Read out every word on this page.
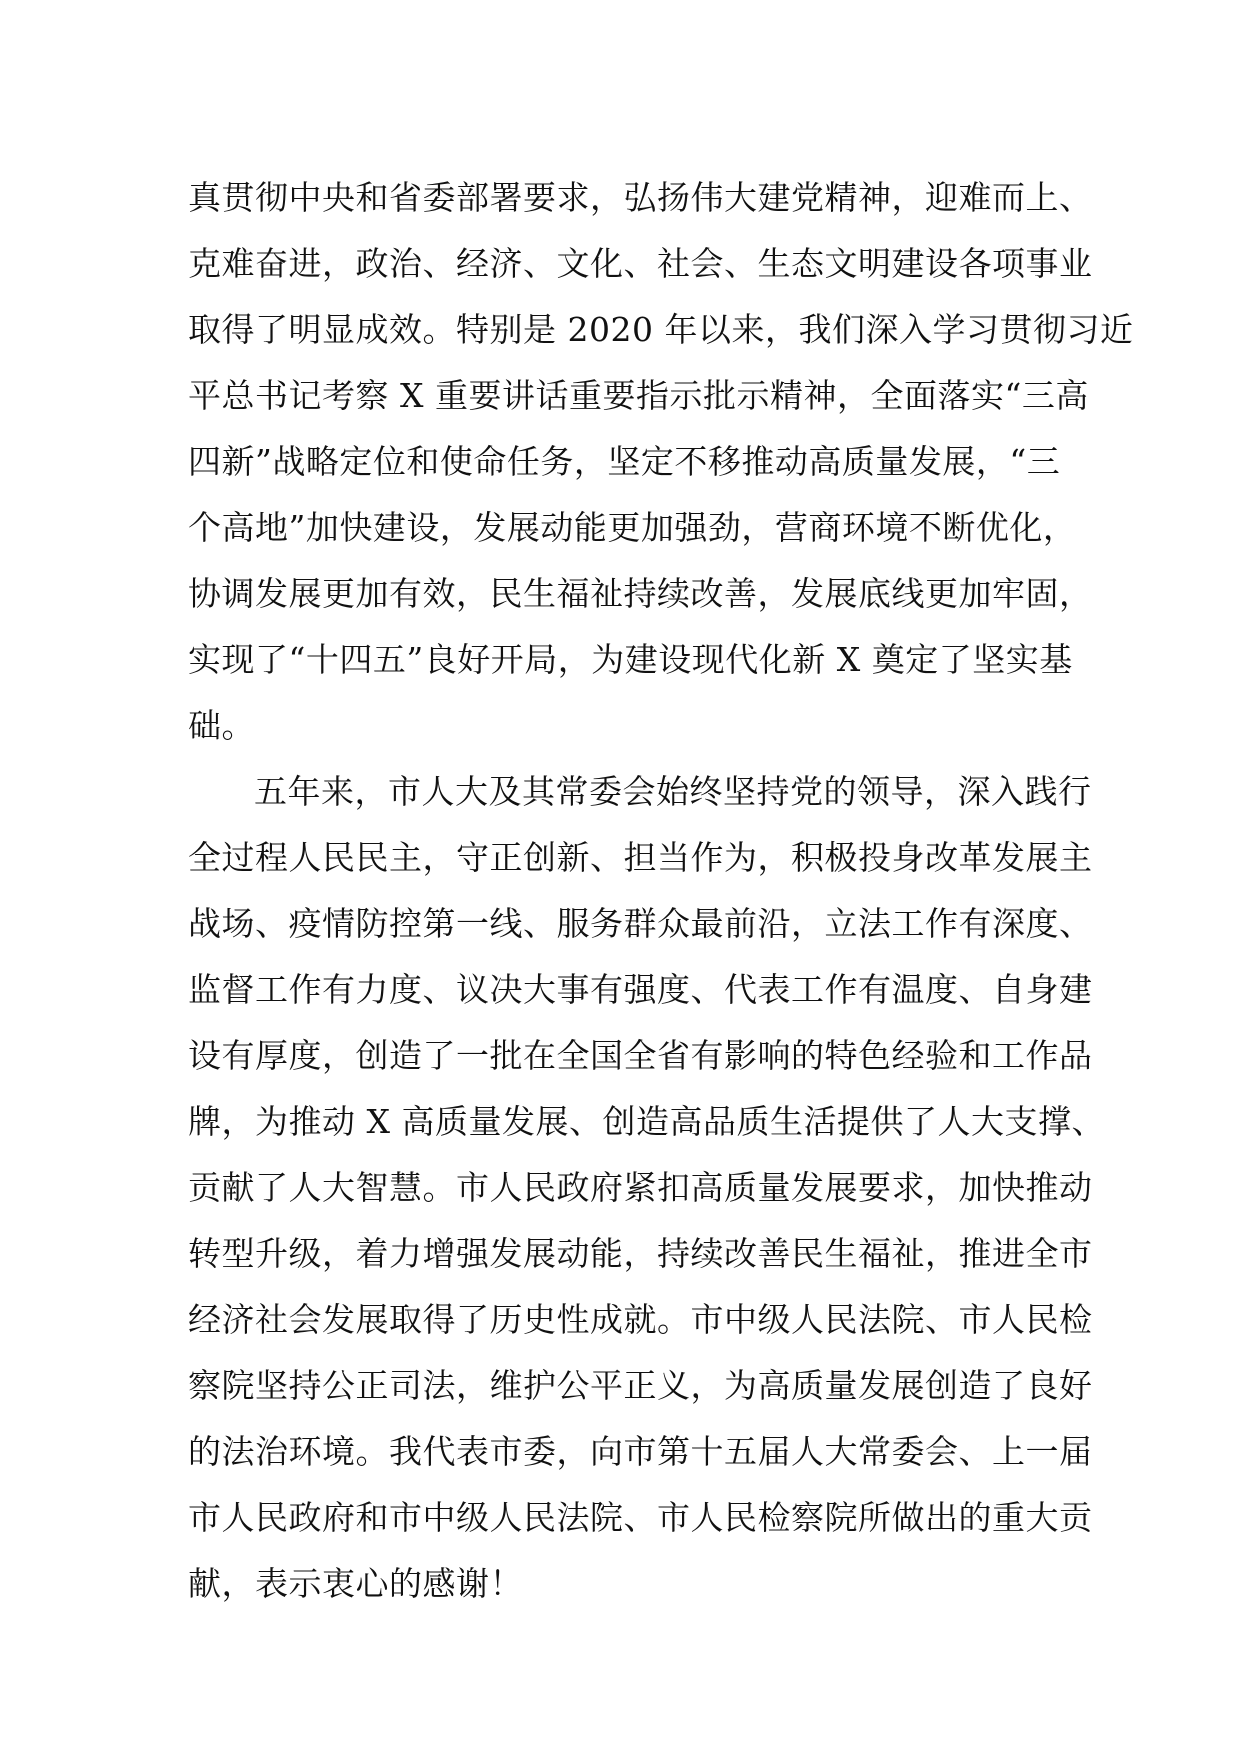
真贯彻中央和省委部署要求，弘扬伟大建党精神，迎难而上、
克难奋进，政治、经济、文化、社会、生态文明建设各项事业
取得了明显成效。特别是 2020 年以来，我们深入学习贯彻习近
平总书记考察 X 重要讲话重要指示批示精神，全面落实“三高
四新”战略定位和使命任务，坚定不移推动高质量发展，“三
个高地”加快建设，发展动能更加强劲，营商环境不断优化，
协调发展更加有效，民生福祉持续改善，发展底线更加牢固，
实现了“十四五”良好开局，为建设现代化新 X 奠定了坚实基
础。
五年来，市人大及其常委会始终坚持党的领导，深入践行
全过程人民民主，守正创新、担当作为，积极投身改革发展主
战场、疫情防控第一线、服务群众最前沿，立法工作有深度、
监督工作有力度、议决大事有强度、代表工作有温度、自身建
设有厚度，创造了一批在全国全省有影响的特色经验和工作品
牌，为推动 X 高质量发展、创造高品质生活提供了人大支撑、
贡献了人大智慧。市人民政府紧扣高质量发展要求，加快推动
转型升级，着力增强发展动能，持续改善民生福祉，推进全市
经济社会发展取得了历史性成就。市中级人民法院、市人民检
察院坚持公正司法，维护公平正义，为高质量发展创造了良好
的法治环境。我代表市委，向市第十五届人大常委会、上一届
市人民政府和市中级人民法院、市人民检察院所做出的重大贡
献，表示衷心的感谢！
